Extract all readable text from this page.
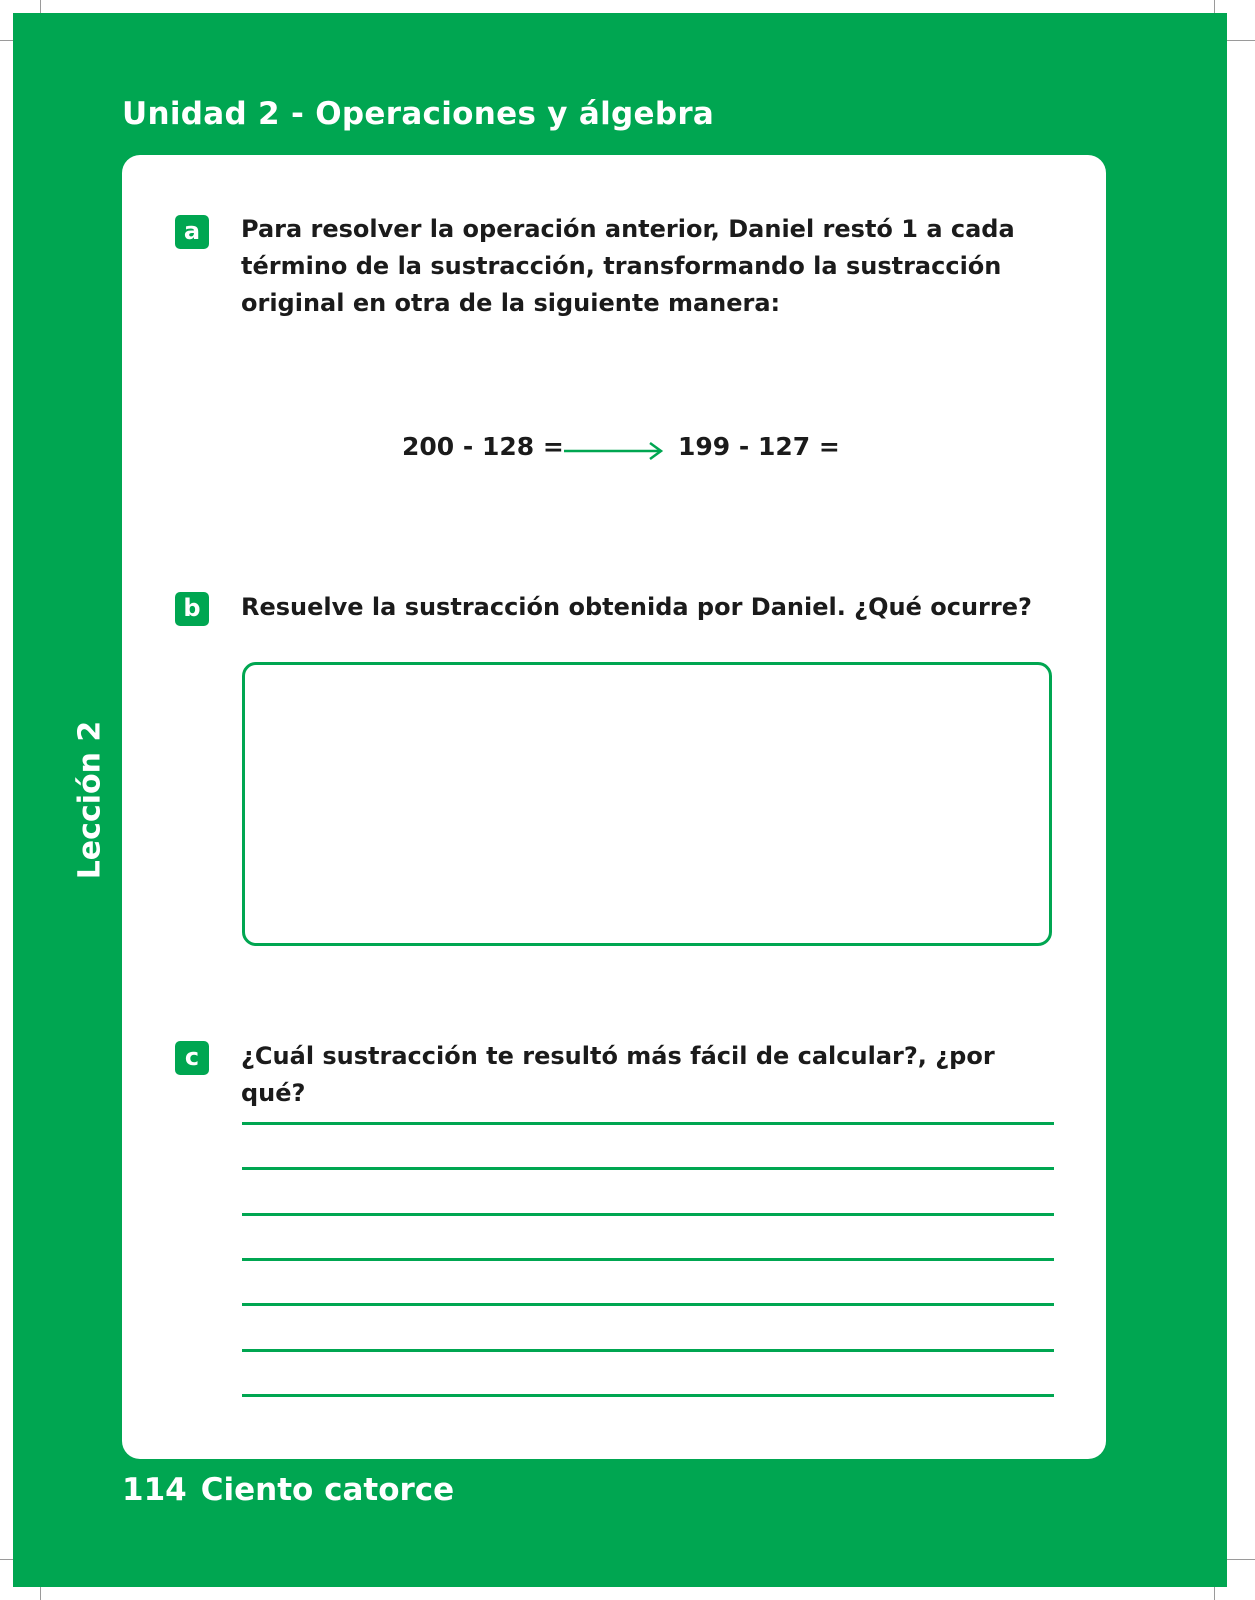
Unidad 2 - Operaciones y álgebra
Lección 2
a	Para resolver la operación anterior, Daniel restó 1 a cada término de la sustracción, transformando la sustracción original en otra de la siguiente manera:
200 - 128 =	199 - 127 =
b	Resuelve la sustracción obtenida por Daniel. ¿Qué ocurre?
c	¿Cuál sustracción te resultó más fácil de calcular?, ¿por qué?
114 Ciento catorce
